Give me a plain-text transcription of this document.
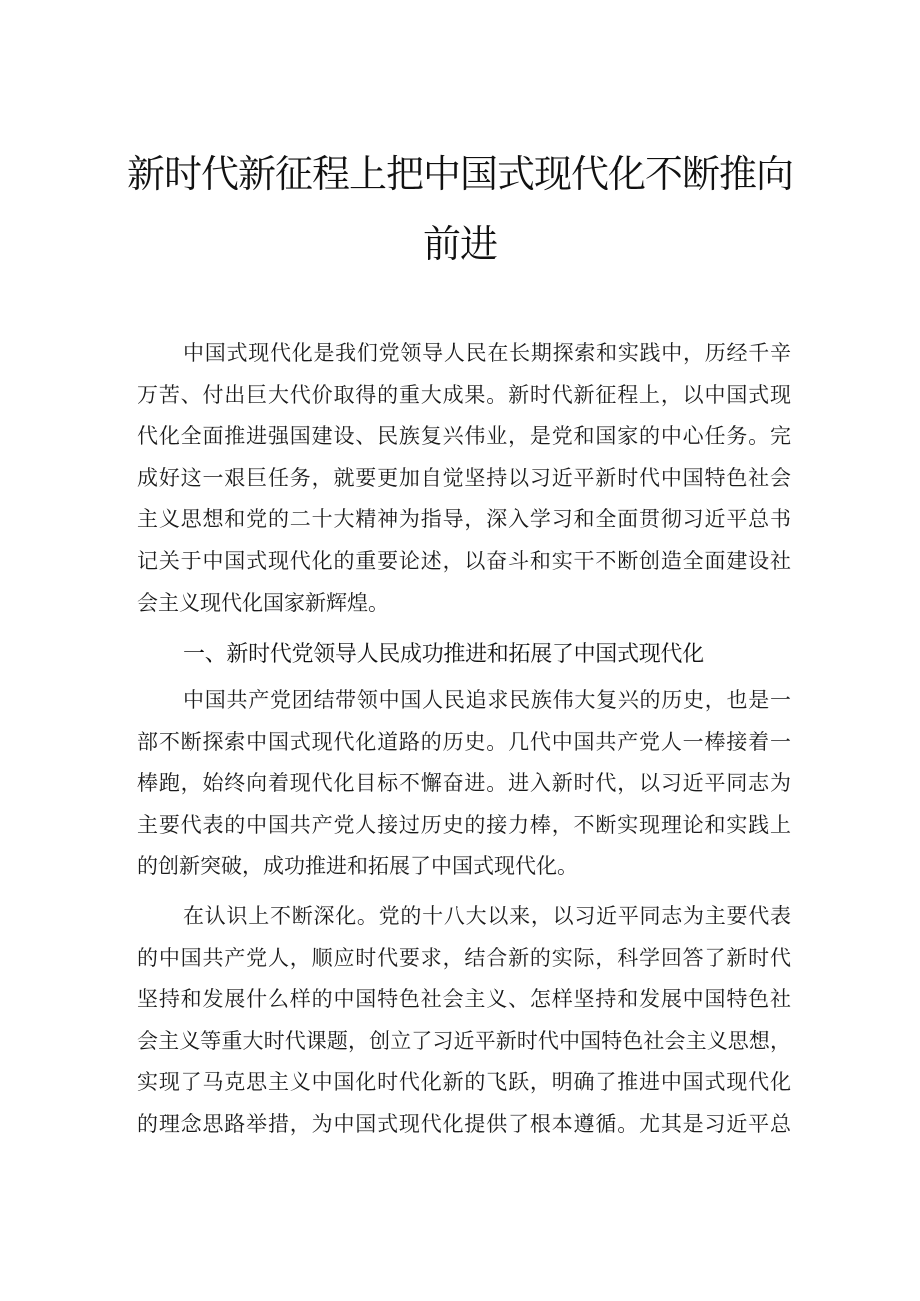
新时代新征程上把中国式现代化不断推向
前进
中国式现代化是我们党领导人民在长期探索和实践中，历经千辛
万苦、付出巨大代价取得的重大成果。新时代新征程上，以中国式现
代化全面推进强国建设、民族复兴伟业，是党和国家的中心任务。完
成好这一艰巨任务，就要更加自觉坚持以习近平新时代中国特色社会
主义思想和党的二十大精神为指导，深入学习和全面贯彻习近平总书
记关于中国式现代化的重要论述，以奋斗和实干不断创造全面建设社
会主义现代化国家新辉煌。
一、新时代党领导人民成功推进和拓展了中国式现代化
中国共产党团结带领中国人民追求民族伟大复兴的历史，也是一
部不断探索中国式现代化道路的历史。几代中国共产党人一棒接着一
棒跑，始终向着现代化目标不懈奋进。进入新时代，以习近平同志为
主要代表的中国共产党人接过历史的接力棒，不断实现理论和实践上
的创新突破，成功推进和拓展了中国式现代化。
在认识上不断深化。党的十八大以来，以习近平同志为主要代表
的中国共产党人，顺应时代要求，结合新的实际，科学回答了新时代
坚持和发展什么样的中国特色社会主义、怎样坚持和发展中国特色社
会主义等重大时代课题，创立了习近平新时代中国特色社会主义思想，
实现了马克思主义中国化时代化新的飞跃，明确了推进中国式现代化
的理念思路举措，为中国式现代化提供了根本遵循。尤其是习近平总
